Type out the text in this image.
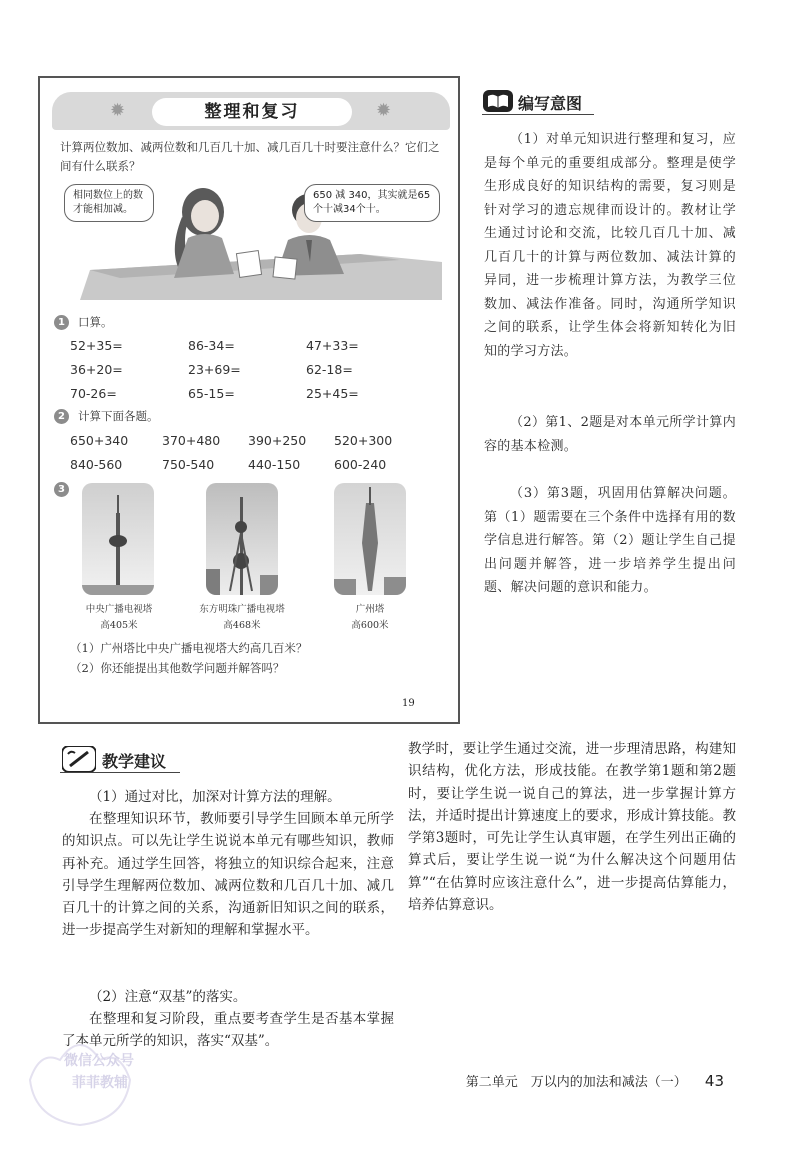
✹	✹
整理和复习
计算两位数加、减两位数和几百几十加、减几百几十时要注意什么？它们之间有什么联系？
相同数位上的数才能相加减。
650 减 340，其实就是65个十减34个十。
1	口算。
52+35=	86-34=	47+33=
36+20=	23+69=	62-18=
70-26=	65-15=	25+45=
2	计算下面各题。
650+340	370+480 390+250 520+300
840-560	750-540	440-150	600-240
3
中央广播电视塔
高405米
东方明珠广播电视塔
高468米
广州塔
高600米
（1）广州塔比中央广播电视塔大约高几百米？
（2）你还能提出其他数学问题并解答吗？
19
编写意图
（1）对单元知识进行整理和复习，应是每个单元的重要组成部分。整理是使学生形成良好的知识结构的需要，复习则是针对学习的遗忘规律而设计的。教材让学生通过讨论和交流，比较几百几十加、减几百几十的计算与两位数加、减法计算的异同，进一步梳理计算方法，为教学三位数加、减法作准备。同时，沟通所学知识之间的联系，让学生体会将新知转化为旧知的学习方法。
（2）第1、2题是对本单元所学计算内容的基本检测。
（3）第3题，巩固用估算解决问题。第（1）题需要在三个条件中选择有用的数学信息进行解答。第（2）题让学生自己提出问题并解答，进一步培养学生提出问题、解决问题的意识和能力。
教学建议
（1）通过对比，加深对计算方法的理解。
在整理知识环节，教师要引导学生回顾本单元所学的知识点。可以先让学生说说本单元有哪些知识，教师再补充。通过学生回答，将独立的知识综合起来，注意引导学生理解两位数加、减两位数和几百几十加、减几百几十的计算之间的关系，沟通新旧知识之间的联系，进一步提高学生对新知的理解和掌握水平。
（2）注意“双基”的落实。
在整理和复习阶段，重点要考查学生是否基本掌握了本单元所学的知识，落实“双基”。
教学时，要让学生通过交流，进一步理清思路，构建知识结构，优化方法，形成技能。在教学第1题和第2题时，要让学生说一说自己的算法，进一步掌握计算方法，并适时提出计算速度上的要求，形成计算技能。教学第3题时，可先让学生认真审题，在学生列出正确的算式后，要让学生说一说“为什么解决这个问题用估算”“在估算时应该注意什么”，进一步提高估算能力，培养估算意识。
微信公众号
菲菲教辅	第二单元　万以内的加法和减法（一） 43
